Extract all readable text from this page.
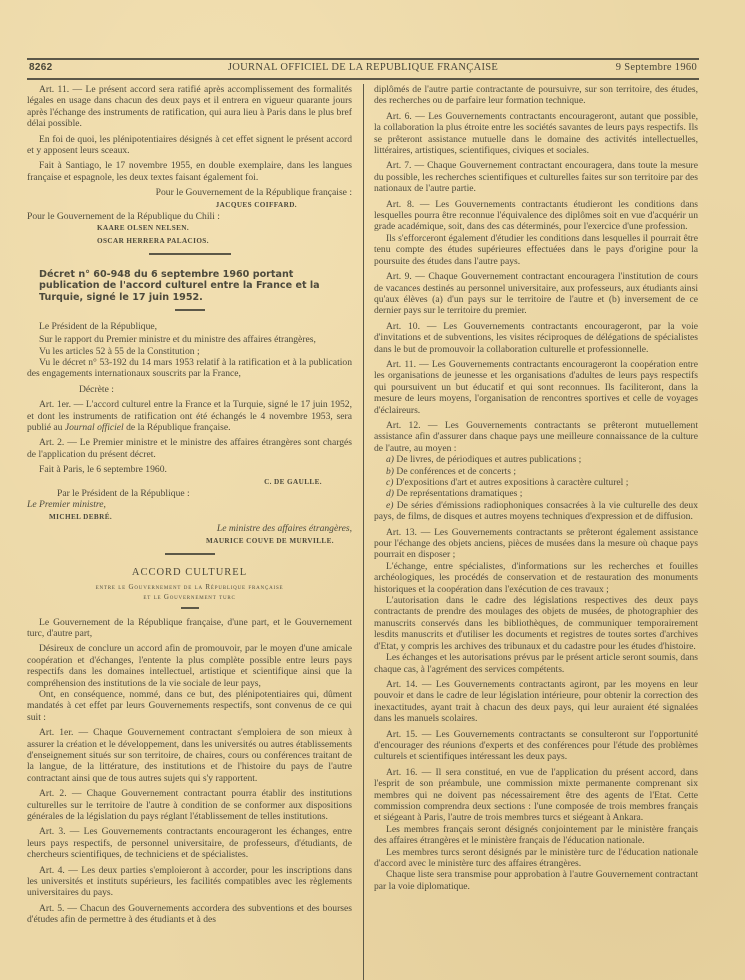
8262	JOURNAL OFFICIEL DE LA REPUBLIQUE FRANÇAISE	9 Septembre 1960

Art. 11. — Le présent accord sera ratifié après accomplissement des formalités légales en usage dans chacun des deux pays et il entrera en vigueur quarante jours après l'échange des instruments de ratification, qui aura lieu à Paris dans le plus bref délai possible.

En foi de quoi, les plénipotentiaires désignés à cet effet signent le présent accord et y apposent leurs sceaux.

Fait à Santiago, le 17 novembre 1955, en double exemplaire, dans les langues française et espagnole, les deux textes faisant également foi.

Pour le Gouvernement de la République française :

JACQUES COIFFARD.

Pour le Gouvernement de la République du Chili :

KAARE OLSEN NELSEN.

OSCAR HERRERA PALACIOS.

Décret n° 60-948 du 6 septembre 1960 portant publication de l'accord culturel entre la France et la Turquie, signé le 17 juin 1952.

Le Président de la République,

Sur le rapport du Premier ministre et du ministre des affaires étrangères,

Vu les articles 52 à 55 de la Constitution ;

Vu le décret n° 53-192 du 14 mars 1953 relatif à la ratification et à la publication des engagements internationaux souscrits par la France,

Décrète :

Art. 1er. — L'accord culturel entre la France et la Turquie, signé le 17 juin 1952, et dont les instruments de ratification ont été échangés le 4 novembre 1953, sera publié au Journal officiel de la République française.

Art. 2. — Le Premier ministre et le ministre des affaires étrangères sont chargés de l'application du présent décret.

Fait à Paris, le 6 septembre 1960.

C. DE GAULLE.

Par le Président de la République :

Le Premier ministre,

MICHEL DEBRÉ.

Le ministre des affaires étrangères,

MAURICE COUVE DE MURVILLE.

ACCORD CULTUREL
entre le Gouvernement de la République française
et le Gouvernement turc

Le Gouvernement de la République française, d'une part, et le Gouvernement turc, d'autre part,

Désireux de conclure un accord afin de promouvoir, par le moyen d'une amicale coopération et d'échanges, l'entente la plus complète possible entre leurs pays respectifs dans les domaines intellectuel, artistique et scientifique ainsi que la compréhension des institutions de la vie sociale de leur pays,

Ont, en conséquence, nommé, dans ce but, des plénipotentiaires qui, dûment mandatés à cet effet par leurs Gouvernements respectifs, sont convenus de ce qui suit :

Art. 1er. — Chaque Gouvernement contractant s'emploiera de son mieux à assurer la création et le développement, dans les universités ou autres établissements d'enseignement situés sur son territoire, de chaires, cours ou conférences traitant de la langue, de la littérature, des institutions et de l'histoire du pays de l'autre contractant ainsi que de tous autres sujets qui s'y rapportent.

Art. 2. — Chaque Gouvernement contractant pourra établir des institutions culturelles sur le territoire de l'autre à condition de se conformer aux dispositions générales de la législation du pays réglant l'établissement de telles institutions.

Art. 3. — Les Gouvernements contractants encourageront les échanges, entre leurs pays respectifs, de personnel universitaire, de professeurs, d'étudiants, de chercheurs scientifiques, de techniciens et de spécialistes.

Art. 4. — Les deux parties s'emploieront à accorder, pour les inscriptions dans les universités et instituts supérieurs, les facilités compatibles avec les règlements universitaires du pays.

Art. 5. — Chacun des Gouvernements accordera des subventions et des bourses d'études afin de permettre à des étudiants et à des

diplômés de l'autre partie contractante de poursuivre, sur son territoire, des études, des recherches ou de parfaire leur formation technique.

Art. 6. — Les Gouvernements contractants encourageront, autant que possible, la collaboration la plus étroite entre les sociétés savantes de leurs pays respectifs. Ils se prêteront assistance mutuelle dans le domaine des activités intellectuelles, littéraires, artistiques, scientifiques, civiques et sociales.

Art. 7. — Chaque Gouvernement contractant encouragera, dans toute la mesure du possible, les recherches scientifiques et culturelles faites sur son territoire par des nationaux de l'autre partie.

Art. 8. — Les Gouvernements contractants étudieront les conditions dans lesquelles pourra être reconnue l'équivalence des diplômes soit en vue d'acquérir un grade académique, soit, dans des cas déterminés, pour l'exercice d'une profession.

Ils s'efforceront également d'étudier les conditions dans lesquelles il pourrait être tenu compte des études supérieures effectuées dans le pays d'origine pour la poursuite des études dans l'autre pays.

Art. 9. — Chaque Gouvernement contractant encouragera l'institution de cours de vacances destinés au personnel universitaire, aux professeurs, aux étudiants ainsi qu'aux élèves (a) d'un pays sur le territoire de l'autre et (b) inversement de ce dernier pays sur le territoire du premier.

Art. 10. — Les Gouvernements contractants encourageront, par la voie d'invitations et de subventions, les visites réciproques de délégations de spécialistes dans le but de promouvoir la collaboration culturelle et professionnelle.

Art. 11. — Les Gouvernements contractants encourageront la coopération entre les organisations de jeunesse et les organisations d'adultes de leurs pays respectifs qui poursuivent un but éducatif et qui sont reconnues. Ils faciliteront, dans la mesure de leurs moyens, l'organisation de rencontres sportives et celle de voyages d'éclaireurs.

Art. 12. — Les Gouvernements contractants se prêteront mutuellement assistance afin d'assurer dans chaque pays une meilleure connaissance de la culture de l'autre, au moyen :

a) De livres, de périodiques et autres publications ;

b) De conférences et de concerts ;

c) D'expositions d'art et autres expositions à caractère culturel ;

d) De représentations dramatiques ;

e) De séries d'émissions radiophoniques consacrées à la vie culturelle des deux pays, de films, de disques et autres moyens techniques d'expression et de diffusion.

Art. 13. — Les Gouvernements contractants se prêteront également assistance pour l'échange des objets anciens, pièces de musées dans la mesure où chaque pays pourrait en disposer ;

L'échange, entre spécialistes, d'informations sur les recherches et fouilles archéologiques, les procédés de conservation et de restauration des monuments historiques et la coopération dans l'exécution de ces travaux ;

L'autorisation dans le cadre des législations respectives des deux pays contractants de prendre des moulages des objets de musées, de photographier des manuscrits conservés dans les bibliothèques, de communiquer temporairement lesdits manuscrits et d'utiliser les documents et registres de toutes sortes d'archives d'Etat, y compris les archives des tribunaux et du cadastre pour les études d'histoire.

Les échanges et les autorisations prévus par le présent article seront soumis, dans chaque cas, à l'agrément des services compétents.

Art. 14. — Les Gouvernements contractants agiront, par les moyens en leur pouvoir et dans le cadre de leur législation intérieure, pour obtenir la correction des inexactitudes, ayant trait à chacun des deux pays, qui leur auraient été signalées dans les manuels scolaires.

Art. 15. — Les Gouvernements contractants se consulteront sur l'opportunité d'encourager des réunions d'experts et des conférences pour l'étude des problèmes culturels et scientifiques intéressant les deux pays.

Art. 16. — Il sera constitué, en vue de l'application du présent accord, dans l'esprit de son préambule, une commission mixte permanente comprenant six membres qui ne doivent pas nécessairement être des agents de l'Etat. Cette commission comprendra deux sections : l'une composée de trois membres français et siégeant à Paris, l'autre de trois membres turcs et siégeant à Ankara.

Les membres français seront désignés conjointement par le ministère français des affaires étrangères et le ministère français de l'éducation nationale.

Les membres turcs seront désignés par le ministère turc de l'éducation nationale d'accord avec le ministère turc des affaires étrangères.

Chaque liste sera transmise pour approbation à l'autre Gouvernement contractant par la voie diplomatique.
